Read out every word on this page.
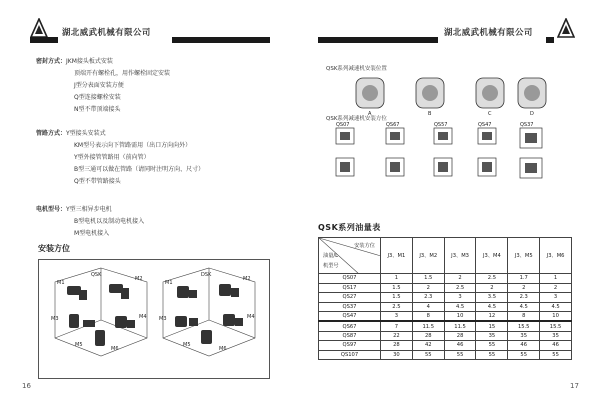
湖北威武机械有限公司
密封方式：JKM接头板式安装
顶端开有螺栓孔，用作螺栓固定安装
J型分表面安装方便
Q型连接螺栓安装
N型不带顶端接头
管路方式：Y型接头安装式
KM型号表示向下管路需用（出口方向向外）
Y型外接管管路用（前向管）
B型三通可以做在管路（请同时注明方向、尺寸）
Q型不带管路接头
电机型号：Y型三相异步电机
B型电机以及制动电机接入
M型电机接入
安装方位
QSK
M1
M2
M3	M4
M5
M6
DSK
M1
M2
M3	M4
M5
M6
16
湖北威武机械有限公司
QSK系列减速机安装位置
A	B	C	D
QSK系列减速机安装方位
QS07	QS67	QS57	QS47	QS37
QSK系列油量表
安装方位
油量/L
机型号	J3、M1	J3、M2	J3、M3	J3、M4	J3、M5	J3、M6
QS07	1	1.5	2	2.5	1.7	1
QS17	1.5	2	2.5	2	2	2
QS27	1.5	2.3	3	3.5	2.3	3
QS37	2.5	4	4.5	4.5	4.5	4.5
QS47	3	8	10	12	8	10
QS67	7	11.5	11.5	15	15.5	15.5
QS87	22	28	28	35	35	35
QS97	28	42	46	55	46	46
QS107	30	55	55	55	55	55
17
